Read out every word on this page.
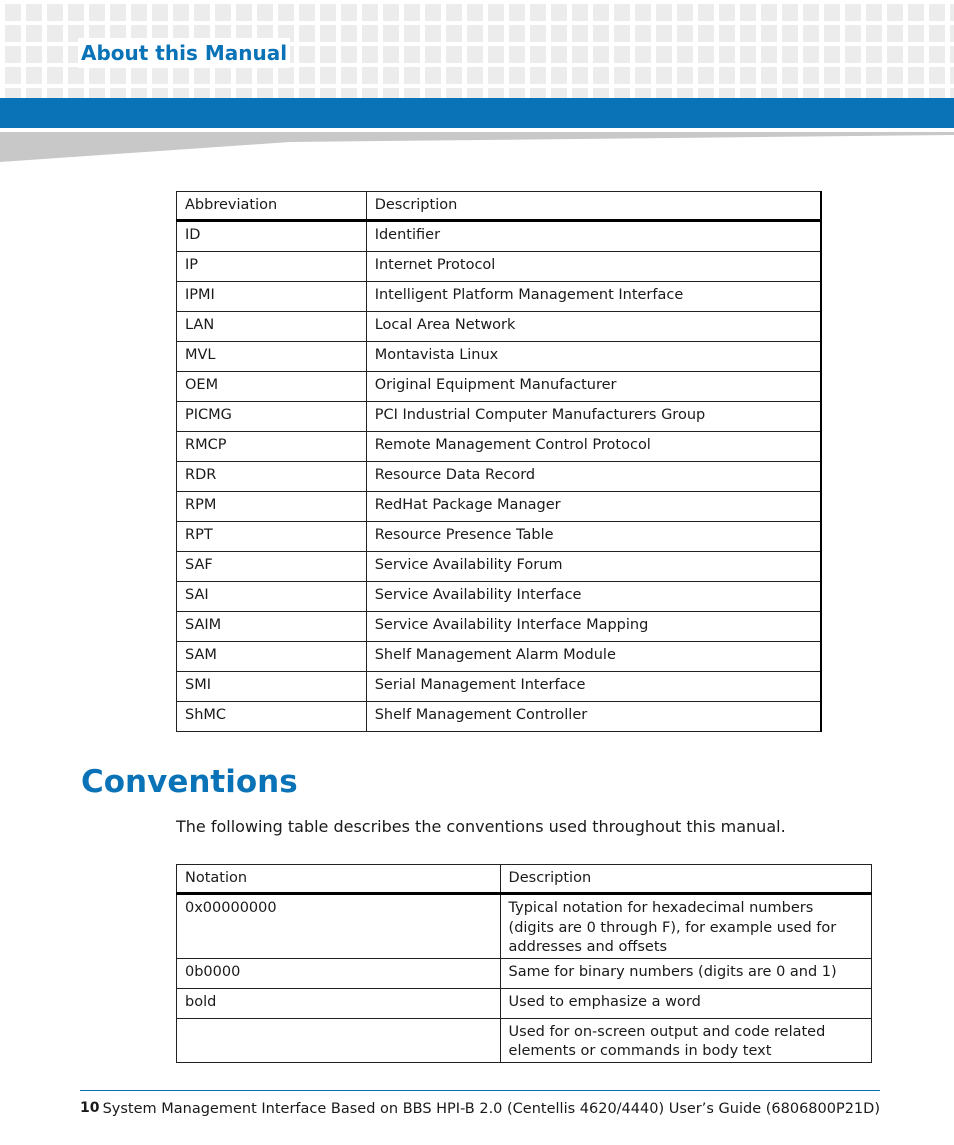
About this Manual
Abbreviation	Description
ID	Identifier
IP	Internet Protocol
IPMI	Intelligent Platform Management Interface
LAN	Local Area Network
MVL	Montavista Linux
OEM	Original Equipment Manufacturer
PICMG	PCI Industrial Computer Manufacturers Group
RMCP	Remote Management Control Protocol
RDR	Resource Data Record
RPM	RedHat Package Manager
RPT	Resource Presence Table
SAF	Service Availability Forum
SAI	Service Availability Interface
SAIM	Service Availability Interface Mapping
SAM	Shelf Management Alarm Module
SMI	Serial Management Interface
ShMC	Shelf Management Controller
Conventions
The following table describes the conventions used throughout this manual.
Notation	Description
0x00000000	Typical notation for hexadecimal numbers (digits are 0 through F), for example used for addresses and offsets
0b0000	Same for binary numbers (digits are 0 and 1)
bold	Used to emphasize a word
	Used for on-screen output and code related elements or commands in body text
10 System Management Interface Based on BBS HPI-B 2.0 (Centellis 4620/4440) User’s Guide (6806800P21D)
